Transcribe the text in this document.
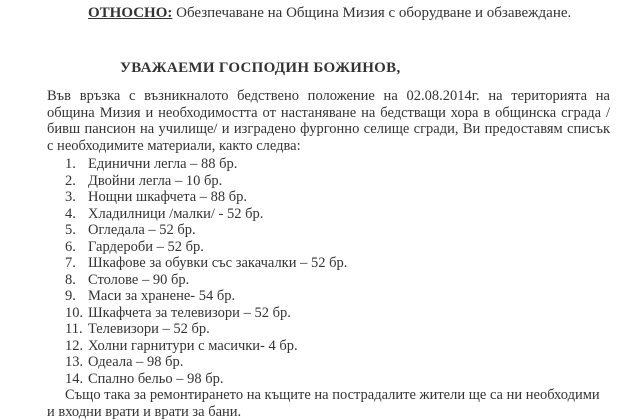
ОТНОСНО: Обезпечаване на Община Мизия с оборудване и обзавеждане.
УВАЖАЕМИ ГОСПОДИН БОЖИНОВ,
Във връзка с възникналото бедствено положение на 02.08.2014г. на територията на община Мизия и необходимостта от настаняване на бедстващи хора в общинска сграда /бивш пансион на училище/ и изградено фургонно селище сгради, Ви предоставям списък с необходимите материали, както следва:
1. Единични легла – 88 бр.
2. Двойни легла – 10 бр.
3. Нощни шкафчета – 88 бр.
4. Хладилници /малки/ - 52 бр.
5. Огледала – 52 бр.
6. Гардероби – 52 бр.
7. Шкафове за обувки със закачалки – 52 бр.
8. Столове – 90 бр.
9. Маси за хранене- 54 бр.
10. Шкафчета за телевизори – 52 бр.
11. Телевизори – 52 бр.
12. Холни гарнитури с масички- 4 бр.
13. Одеала – 98 бр.
14. Спално бельо – 98 бр.
Също така за ремонтирането на къщите на пострадалите жители ще са ни необходими и входни врати и врати за бани.
